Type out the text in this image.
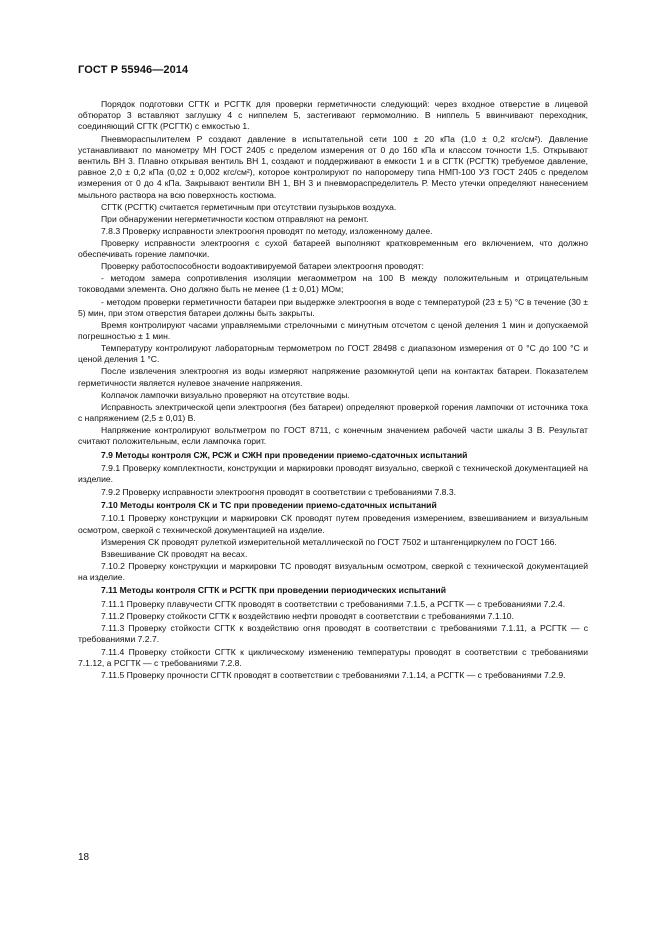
ГОСТ Р 55946—2014

Порядок подготовки СГТК и РСГТК для проверки герметичности следующий: через входное отверстие в лицевой обтюратор 3 вставляют заглушку 4 с ниппелем 5, застегивают гермомолнию. В ниппель 5 ввинчивают переходник, соединяющий СГТК (РСГТК) с емкостью 1.

Пневмораспылителем Р создают давление в испытательной сети 100 ± 20 кПа (1,0 ± 0,2 кгс/см²). Давление устанавливают по манометру МН ГОСТ 2405 с пределом измерения от 0 до 160 кПа и классом точности 1,5. Открывают вентиль ВН 3. Плавно открывая вентиль ВН 1, создают и поддерживают в емкости 1 и в СГТК (РСГТК) требуемое давление, равное 2,0 ± 0,2 кПа (0,02 ± 0,002 кгс/см²), которое контролируют по напоромеру типа НМП-100 УЗ ГОСТ 2405 с пределом измерения от 0 до 4 кПа. Закрывают вентили ВН 1, ВН 3 и пневмораспределитель Р. Место утечки определяют нанесением мыльного раствора на всю поверхность костюма.

СГТК (РСГТК) считается герметичным при отсутствии пузырьков воздуха.

При обнаружении негерметичности костюм отправляют на ремонт.

7.8.3 Проверку исправности электроогня проводят по методу, изложенному далее.

Проверку исправности электроогня с сухой батареей выполняют кратковременным его включением, что должно обеспечивать горение лампочки.

Проверку работоспособности водоактивируемой батареи электроогня проводят:

- методом замера сопротивления изоляции мегаомметром на 100 В между положительным и отрицательным тоководами элемента. Оно должно быть не менее (1 ± 0,01) МОм;

- методом проверки герметичности батареи при выдержке электроогня в воде с температурой (23 ± 5) °С в течение (30 ± 5) мин, при этом отверстия батареи должны быть закрыты.

Время контролируют часами управляемыми стрелочными с минутным отсчетом с ценой деления 1 мин и допускаемой погрешностью ± 1 мин.

Температуру контролируют лабораторным термометром по ГОСТ 28498 с диапазоном измерения от 0 °С до 100 °С и ценой деления 1 °С.

После извлечения электроогня из воды измеряют напряжение разомкнутой цепи на контактах батареи. Показателем герметичности является нулевое значение напряжения.

Колпачок лампочки визуально проверяют на отсутствие воды.

Исправность электрической цепи электроогня (без батареи) определяют проверкой горения лампочки от источника тока с напряжением (2,5 ± 0,01) В.

Напряжение контролируют вольтметром по ГОСТ 8711, с конечным значением рабочей части шкалы 3 В. Результат считают положительным, если лампочка горит.

7.9 Методы контроля СЖ, РСЖ и СЖН при проведении приемо-сдаточных испытаний

7.9.1 Проверку комплектности, конструкции и маркировки проводят визуально, сверкой с технической документацией на изделие.

7.9.2 Проверку исправности электроогня проводят в соответствии с требованиями 7.8.3.

7.10 Методы контроля СК и ТС при проведении приемо-сдаточных испытаний

7.10.1 Проверку конструкции и маркировки СК проводят путем проведения измерением, взвешиванием и визуальным осмотром, сверкой с технической документацией на изделие.

Измерения СК проводят рулеткой измерительной металлической по ГОСТ 7502 и штангенциркулем по ГОСТ 166.

Взвешивание СК проводят на весах.

7.10.2 Проверку конструкции и маркировки ТС проводят визуальным осмотром, сверкой с технической документацией на изделие.

7.11 Методы контроля СГТК и РСГТК при проведении периодических испытаний

7.11.1 Проверку плавучести СГТК проводят в соответствии с требованиями 7.1.5, а РСГТК — с требованиями 7.2.4.

7.11.2 Проверку стойкости СГТК к воздействию нефти проводят в соответствии с требованиями 7.1.10.

7.11.3 Проверку стойкости СГТК к воздействию огня проводят в соответствии с требованиями 7.1.11, а РСГТК — с требованиями 7.2.7.

7.11.4 Проверку стойкости СГТК к циклическому изменению температуры проводят в соответствии с требованиями 7.1.12, а РСГТК — с требованиями 7.2.8.

7.11.5 Проверку прочности СГТК проводят в соответствии с требованиями 7.1.14, а РСГТК — с требованиями 7.2.9.

18
